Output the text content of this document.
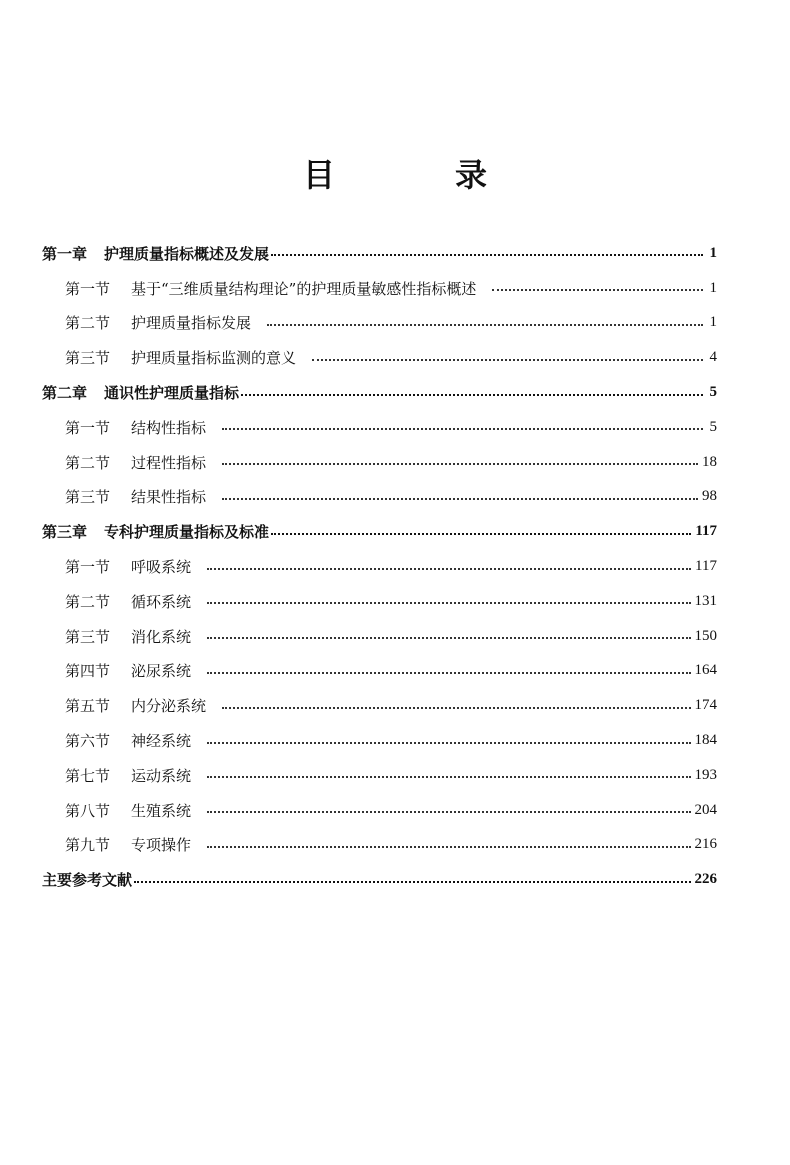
目　录
第一章	护理质量指标概述及发展	1
第一节	基于“三维质量结构理论”的护理质量敏感性指标概述	1
第二节	护理质量指标发展	1
第三节	护理质量指标监测的意义	4
第二章	通识性护理质量指标	5
第一节	结构性指标	5
第二节	过程性指标	18
第三节	结果性指标	98
第三章	专科护理质量指标及标准	117
第一节	呼吸系统	117
第二节	循环系统	131
第三节	消化系统	150
第四节	泌尿系统	164
第五节	内分泌系统	174
第六节	神经系统	184
第七节	运动系统	193
第八节	生殖系统	204
第九节	专项操作	216
主要参考文献	226
